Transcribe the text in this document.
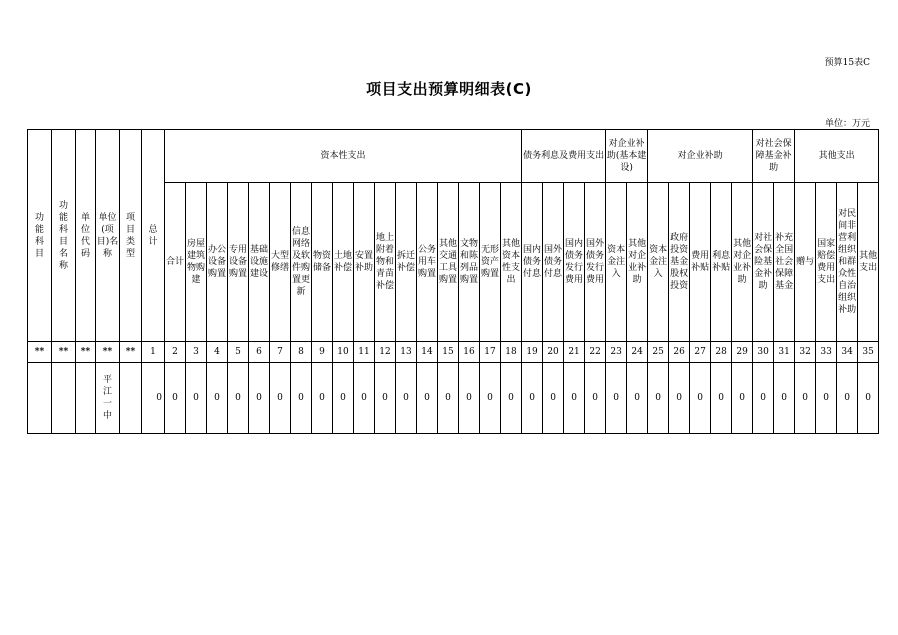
预算15表C
项目支出预算明细表(C)
单位：万元
功能科目	功能科目名称	单位代码	单位(项目)名称	项目类型	总计	资本性支出																	债务利息及费用支出				对企业补助(基本建设)		对企业补助					对社会保障基金补助		其他支出			
						合计	房屋建筑物购建	办公设备购置	专用设备购置	基础设施建设	大型修缮	信息网络及软件购置更新	物资储备	土地补偿	安置补助	地上附着物和青苗补偿	拆迁补偿	公务用车购置	其他交通工具购置	文物和陈列品购置	无形资产购置	其他资本性支出	国内债务付息	国外债务付息	国内债务发行费用	国外债务发行费用	资本金注入	其他对企业补助	资本金注入	政府投资基金股权投资	费用补贴	利息补贴	其他对企业补助	对社会保险基金补助	补充全国社会保障基金	赠与	国家赔偿费用支出	对民间非营利组织和群众性自治组织补助	其他支出
**	**	**	**	**	1	2	3	4	5	6	7	8	9	10	11	12	13	14	15	16	17	18	19	20	21	22	23	24	25	26	27	28	29	30	31	32	33	34	35
			平江一中		0	0	0	0	0	0	0	0	0	0	0	0	0	0	0	0	0	0	0	0	0	0	0	0	0	0	0	0	0	0	0	0	0	0	0
